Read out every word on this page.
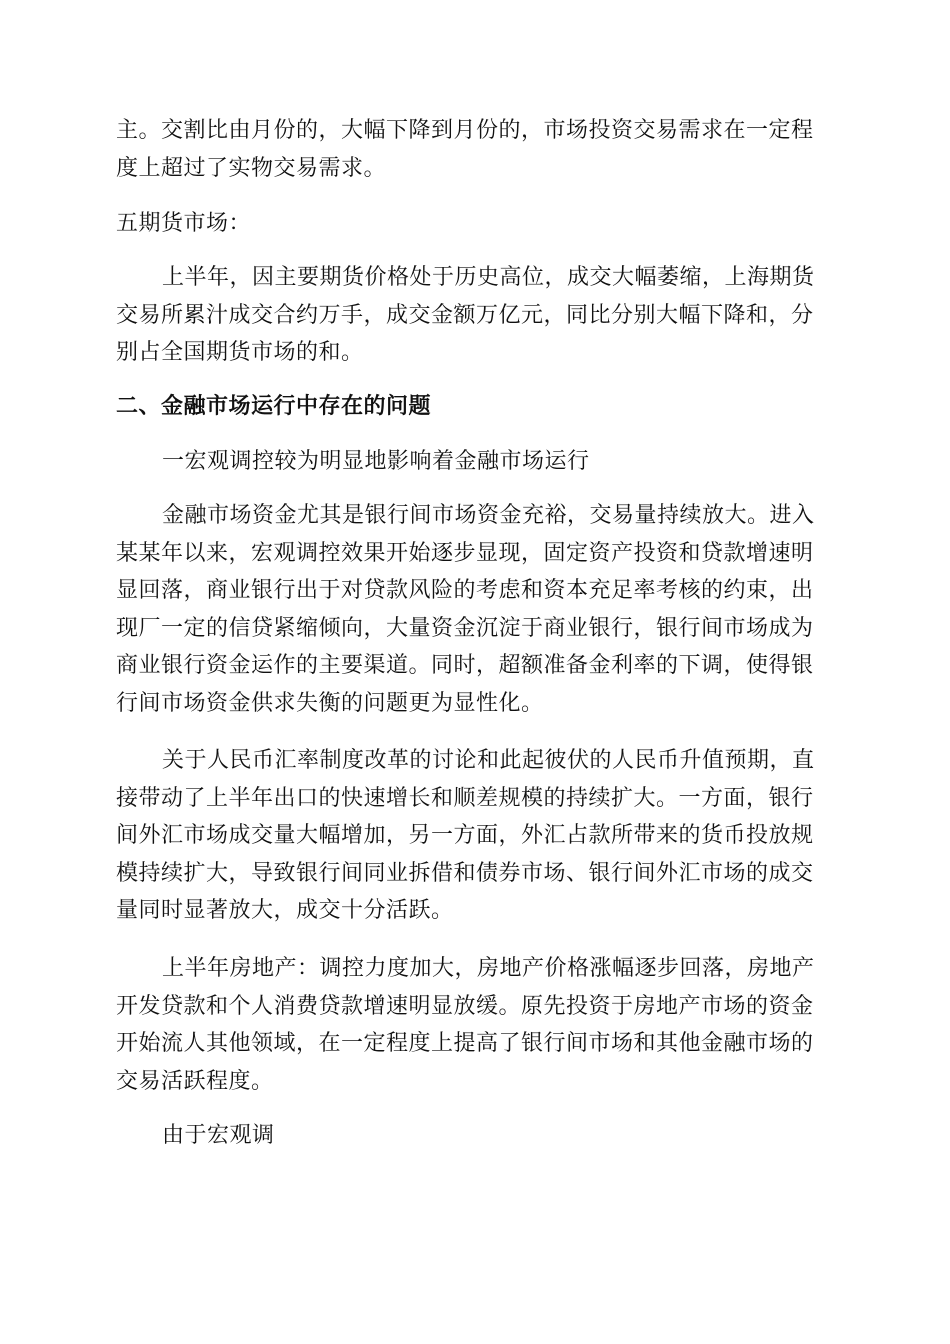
主。交割比由月份的，大幅下降到月份的，市场投资交易需求在一定程度上超过了实物交易需求。

五期货市场：

上半年，因主要期货价格处于历史高位，成交大幅萎缩，上海期货交易所累汁成交合约万手，成交金额万亿元，同比分别大幅下降和，分别占全国期货市场的和。

二、金融市场运行中存在的问题

一宏观调控较为明显地影响着金融市场运行

金融市场资金尤其是银行间市场资金充裕，交易量持续放大。进入某某年以来，宏观调控效果开始逐步显现，固定资产投资和贷款增速明显回落，商业银行出于对贷款风险的考虑和资本充足率考核的约束，出现厂一定的信贷紧缩倾向，大量资金沉淀于商业银行，银行间市场成为商业银行资金运作的主要渠道。同时，超额准备金利率的下调，使得银行间市场资金供求失衡的问题更为显性化。

关于人民币汇率制度改革的讨论和此起彼伏的人民币升值预期，直接带动了上半年出口的快速增长和顺差规模的持续扩大。一方面，银行间外汇市场成交量大幅增加，另一方面，外汇占款所带来的货币投放规模持续扩大，导致银行间同业拆借和债券市场、银行间外汇市场的成交量同时显著放大，成交十分活跃。

上半年房地产：调控力度加大，房地产价格涨幅逐步回落，房地产开发贷款和个人消费贷款增速明显放缓。原先投资于房地产市场的资金开始流人其他领域，在一定程度上提高了银行间市场和其他金融市场的交易活跃程度。

由于宏观调
